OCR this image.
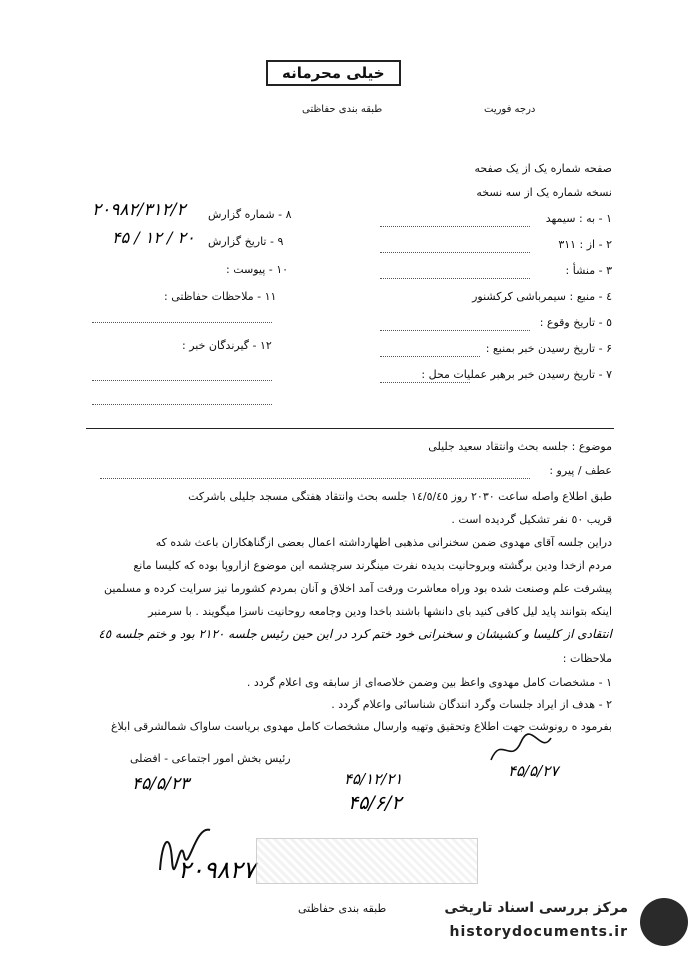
خیلی محرمانه
طبقه بندی حفاظتی	درجه فوریت
صفحه شماره یک از یک صفحه
نسخه شماره یک از سه نسخه
۱ - به : سیمهد
۲ - از : ۳۱۱
۳ - منشأ :
٤ - منبع : سیمرباشی کرکشنور
٥ - تاریخ وقوع :
۶ - تاریخ رسیدن خبر بمنبع :
۷ - تاریخ رسیدن خبر برهبر عملیات محل :
۸ - شماره گزارش
۲۰۹۸۲/۳۱۲/۲
۹ - تاریخ گزارش
۲۰ / ۱۲ / ۴۵
۱۰ - پیوست :
۱۱ - ملاحظات حفاظتی :
۱۲ - گیرندگان خبر :
موضوع : جلسه بحث وانتقاد سعید جلیلی
عطف / پیرو :
طبق اطلاع واصله ساعت ۲۰۳۰ روز ۱٤/٥/٤٥ جلسه بحث وانتقاد هفتگی مسجد جلیلی باشرکت
قریب ٥٠ نفر تشکیل گردیده است .
دراین جلسه آقای مهدوی ضمن سخنرانی مذهبی اظهارداشته اعمال بعضی ازگناهکاران باعث شده که
مردم ازخدا ودین برگشته وبروحانیت بدیده نفرت مینگرند سرچشمه این موضوع ازاروپا بوده که کلیسا مانع
پیشرفت علم وصنعت شده بود وراه معاشرت ورفت آمد اخلاق و آنان بمردم کشورما نیز سرایت کرده و مسلمین
اینکه بتوانند پاید لیل کافی کنید بای دانشها باشند باخدا ودین وجامعه روحانیت ناسزا میگویند . با سرمنبر
انتقادی از کلیسا و کشیشان و سخنرانی خود ختم کرد در این حین رئیس جلسه ۲۱۲۰ بود و ختم جلسه ٤٥
ملاحظات :
۱ - مشخصات کامل مهدوی واعظ بین وضمن خلاصه‌ای از سابقه وی اعلام گردد .
۲ - هدف از ایراد جلسات وگرد انندگان شناسائی واعلام گردد .
بفرمود ه رونوشت جهت اطلاع وتحقیق وتهیه وارسال مشخصات کامل مهدوی بریاست ساواک شمالشرقی ابلاغ
رئیس بخش امور اجتماعی - افضلی
۴۵/۵/۲۳
۴۵/۵/۲۷
۴۵/۱۲/۲۱
۴۵/۶/۲
۲۰۹۸۲۷
طبقه بندی حفاظتی	مرکز بررسی اسناد تاریخی
historydocuments.ir
